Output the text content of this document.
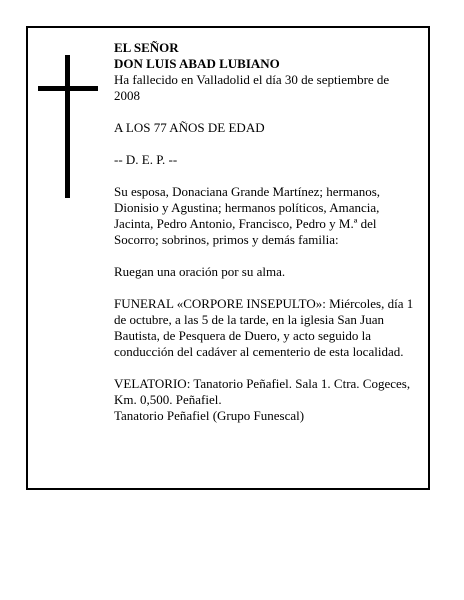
EL SEÑOR

DON LUIS ABAD LUBIANO

Ha fallecido en Valladolid el día 30 de septiembre de 2008

A LOS 77 AÑOS DE EDAD

-- D. E. P. --

Su esposa, Donaciana Grande Martínez; hermanos, Dionisio y Agustina; hermanos políticos, Amancia, Jacinta, Pedro Antonio, Francisco, Pedro y M.ª del Socorro; sobrinos, primos y demás familia:

Ruegan una oración por su alma.

FUNERAL «CORPORE INSEPULTO»: Miércoles, día 1 de octubre, a las 5 de la tarde, en la iglesia San Juan Bautista, de Pesquera de Duero, y acto seguido la conducción del cadáver al cementerio de esta localidad.

VELATORIO: Tanatorio Peñafiel. Sala 1. Ctra. Cogeces, Km. 0,500. Peñafiel.

Tanatorio Peñafiel (Grupo Funescal)
